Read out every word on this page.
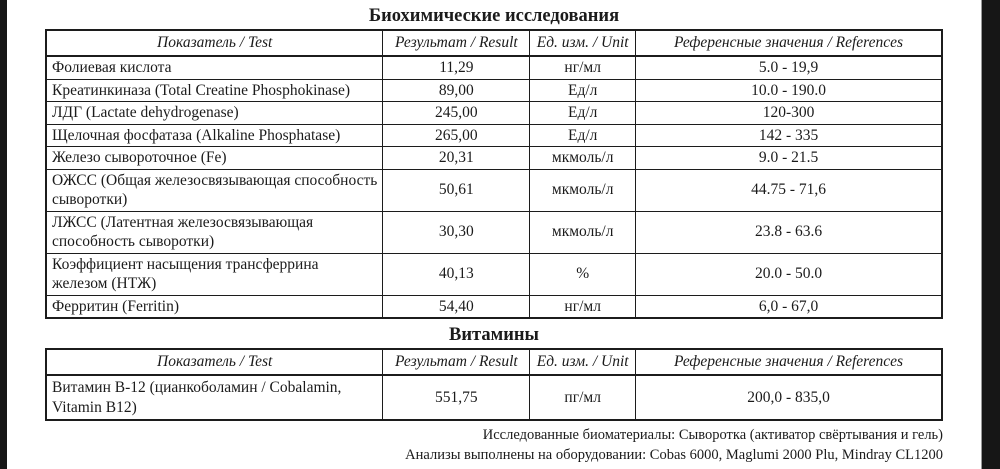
Биохимические исследования
Показатель / Test	Результат / Result	Ед. изм. / Unit	Референсные значения / References
Фолиевая кислота	11,29	нг/мл	5.0 - 19,9
Креатинкиназа (Total Creatine Phosphokinase)	89,00	Ед/л	10.0 - 190.0
ЛДГ (Lactate dehydrogenase)	245,00	Ед/л	120-300
Щелочная фосфатаза (Alkaline Phosphatase)	265,00	Ед/л	142 - 335
Железо сывороточное (Fe)	20,31	мкмоль/л	9.0 - 21.5
ОЖСС (Общая железосвязывающая способность сыворотки)	50,61	мкмоль/л	44.75 - 71,6
ЛЖСС (Латентная железосвязывающая способность сыворотки)	30,30	мкмоль/л	23.8 - 63.6
Коэффициент насыщения трансферрина железом (НТЖ)	40,13	%	20.0 - 50.0
Ферритин (Ferritin)	54,40	нг/мл	6,0 - 67,0
Витамины
Показатель / Test	Результат / Result	Ед. изм. / Unit	Референсные значения / References
Витамин В-12 (цианкоболамин / Cobalamin, Vitamin B12)	551,75	пг/мл	200,0 - 835,0
Исследованные биоматериалы: Сыворотка (активатор свёртывания и гель)
Анализы выполнены на оборудовании: Cobas 6000, Maglumi 2000 Plu, Mindray CL1200
